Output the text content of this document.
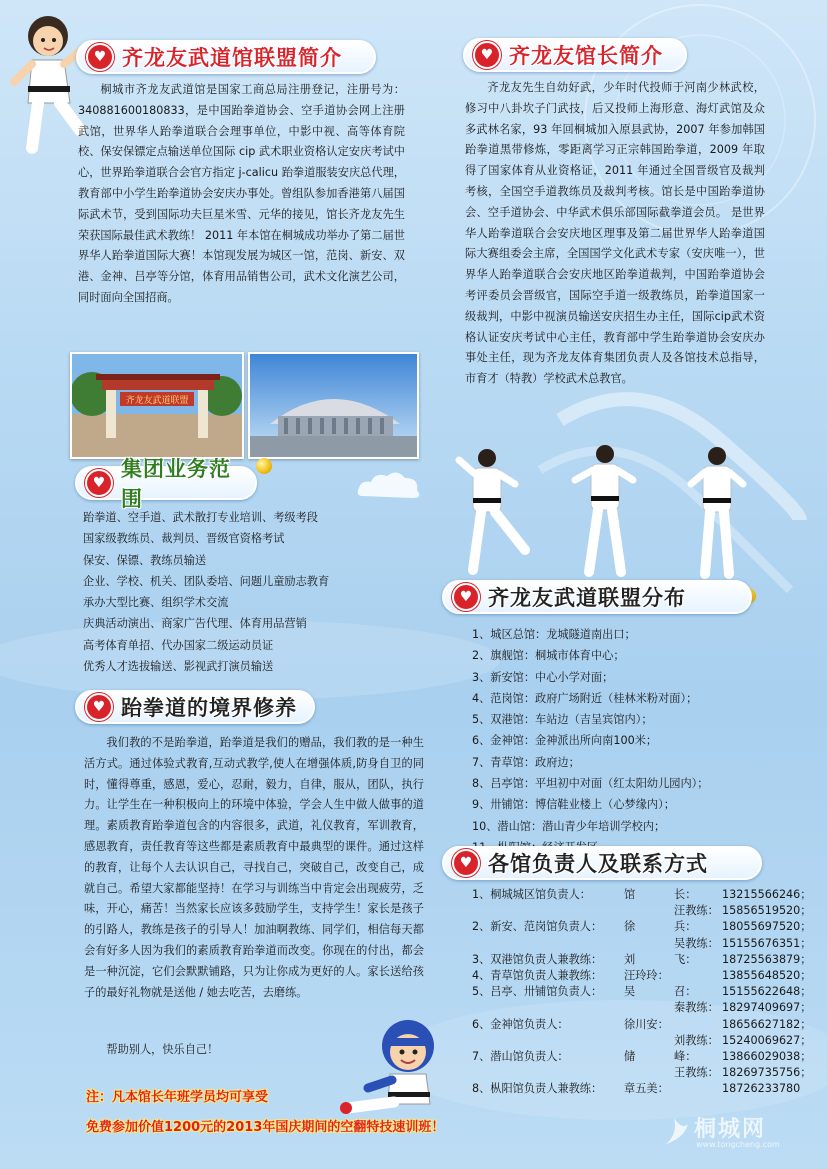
♥ 齐龙友武道馆联盟简介
桐城市齐龙友武道馆是国家工商总局注册登记，注册号为：340881600180833，是中国跆拳道协会、空手道协会网上注册武馆，世界华人跆拳道联合会理事单位，中影中视、高等体育院校、保安保镖定点输送单位国际 cip 武术职业资格认定安庆考试中心，世界跆拳道联合会官方指定 j-calicu 跆拳道服装安庆总代理，教育部中小学生跆拳道协会安庆办事处。曾组队参加香港第八届国际武术节，受到国际功夫巨星米雪、元华的接见，馆长齐龙友先生荣获国际最佳武术教练！ 2011 年本馆在桐城成功举办了第二届世界华人跆拳道国际大赛！本馆现发展为城区一馆，范岗、新安、双港、金神、吕亭等分馆，体育用品销售公司，武术文化演艺公司，同时面向全国招商。
齐龙友武道联盟
♥ 齐龙友馆长简介
齐龙友先生自幼好武，少年时代投师于河南少林武校，修习中八卦坎子门武技，后又投师上海形意、海灯武馆及众多武林名家，93 年回桐城加入原县武协，2007 年参加韩国跆拳道黑带修炼，零距离学习正宗韩国跆拳道，2009 年取得了国家体育从业资格证，2011 年通过全国晋级官及裁判考核，全国空手道教练员及裁判考核。馆长是中国跆拳道协会、空手道协会、中华武术俱乐部国际截拳道会员。 是世界华人跆拳道联合会安庆地区理事及第二届世界华人跆拳道国际大赛组委会主席，全国国学文化武术专家（安庆唯一），世界华人跆拳道联合会安庆地区跆拳道裁判，中国跆拳道协会考评委员会晋级官，国际空手道一级教练员，跆拳道国家一级裁判，中影中视演员输送安庆招生办主任，国际cip武术资格认证安庆考试中心主任，教育部中学生跆拳道协会安庆办事处主任，现为齐龙友体育集团负责人及各馆技术总指导，市育才（特教）学校武术总教官。
♥
集团业务范围
跆拳道、空手道、武术散打专业培训、考级考段
国家级教练员、裁判员、晋级官资格考试
保安、保镖、教练员输送
企业、学校、机关、团队委培、问题儿童励志教育
承办大型比赛、组织学术交流
庆典活动演出、商家广告代理、体育用品营销
高考体育单招、代办国家二级运动员证
优秀人才选拔输送、影视武打演员输送
♥ 跆拳道的境界修养
我们教的不是跆拳道，跆拳道是我们的赠品，我们教的是一种生活方式。通过体验式教育,互动式教学,使人在增强体质,防身自卫的同时，懂得尊重，感恩，爱心，忍耐，毅力，自律，服从，团队，执行力。让学生在一种积极向上的环境中体验，学会人生中做人做事的道理。素质教育跆拳道包含的内容很多，武道，礼仪教育，军训教育，感恩教育，责任教育等这些都是素质教育中最典型的课件。通过这样的教育，让每个人去认识自己，寻找自己，突破自己，改变自己，成就自己。希望大家都能坚持！在学习与训练当中肯定会出现疲劳，乏味，开心，痛苦！当然家长应该多鼓励学生，支持学生！家长是孩子的引路人，教练是孩子的引导人！加油啊教练、同学们，相信每天都会有好多人因为我们的素质教育跆拳道而改变。你现在的付出，都会是一种沉淀，它们会默默铺路，只为让你成为更好的人。家长送给孩子的最好礼物就是送他 / 她去吃苦，去磨练。
帮助别人，快乐自己！
♥ 齐龙友武道联盟分布
1、城区总馆：龙城隧道南出口；
2、旗舰馆：桐城市体育中心；
3、新安馆：中心小学对面；
4、范岗馆：政府广场附近（桂林米粉对面）；
5、双港馆：车站边（吉呈宾馆内）；
6、金神馆：金神派出所向南100米；
7、青草馆：政府边；
8、吕亭馆：平坦初中对面（红太阳幼儿园内）；
9、卅铺馆：博信鞋业楼上（心梦缘内）；
10、潜山馆：潜山青少年培训学校内；
♥ 各馆负责人及联系方式
1、桐城城区馆负责人：	馆	长： 13215566246；
汪教练： 15856519520；
2、新安、范岗馆负责人： 徐	兵： 18055697520；
吴教练： 15155676351；
3、双港馆负责人兼教练： 刘	飞： 18725563879；
4、青草馆负责人兼教练： 汪玲玲：	13855648520；
5、吕亭、卅铺馆负责人： 吴	召： 15155622648；
秦教练： 18297409697；
6、金神馆负责人：	徐川安：	18656627182；
刘教练： 15240069627；
7、潜山馆负责人：	储	峰： 13866029038；
王教练： 18269735756；
8、枞阳馆负责人兼教练： 章五美：	18726233780
注：凡本馆长年班学员均可享受
免费参加价值1200元的2013年国庆期间的空翻特技速训班！	桐城网
www.tongcheng.com
